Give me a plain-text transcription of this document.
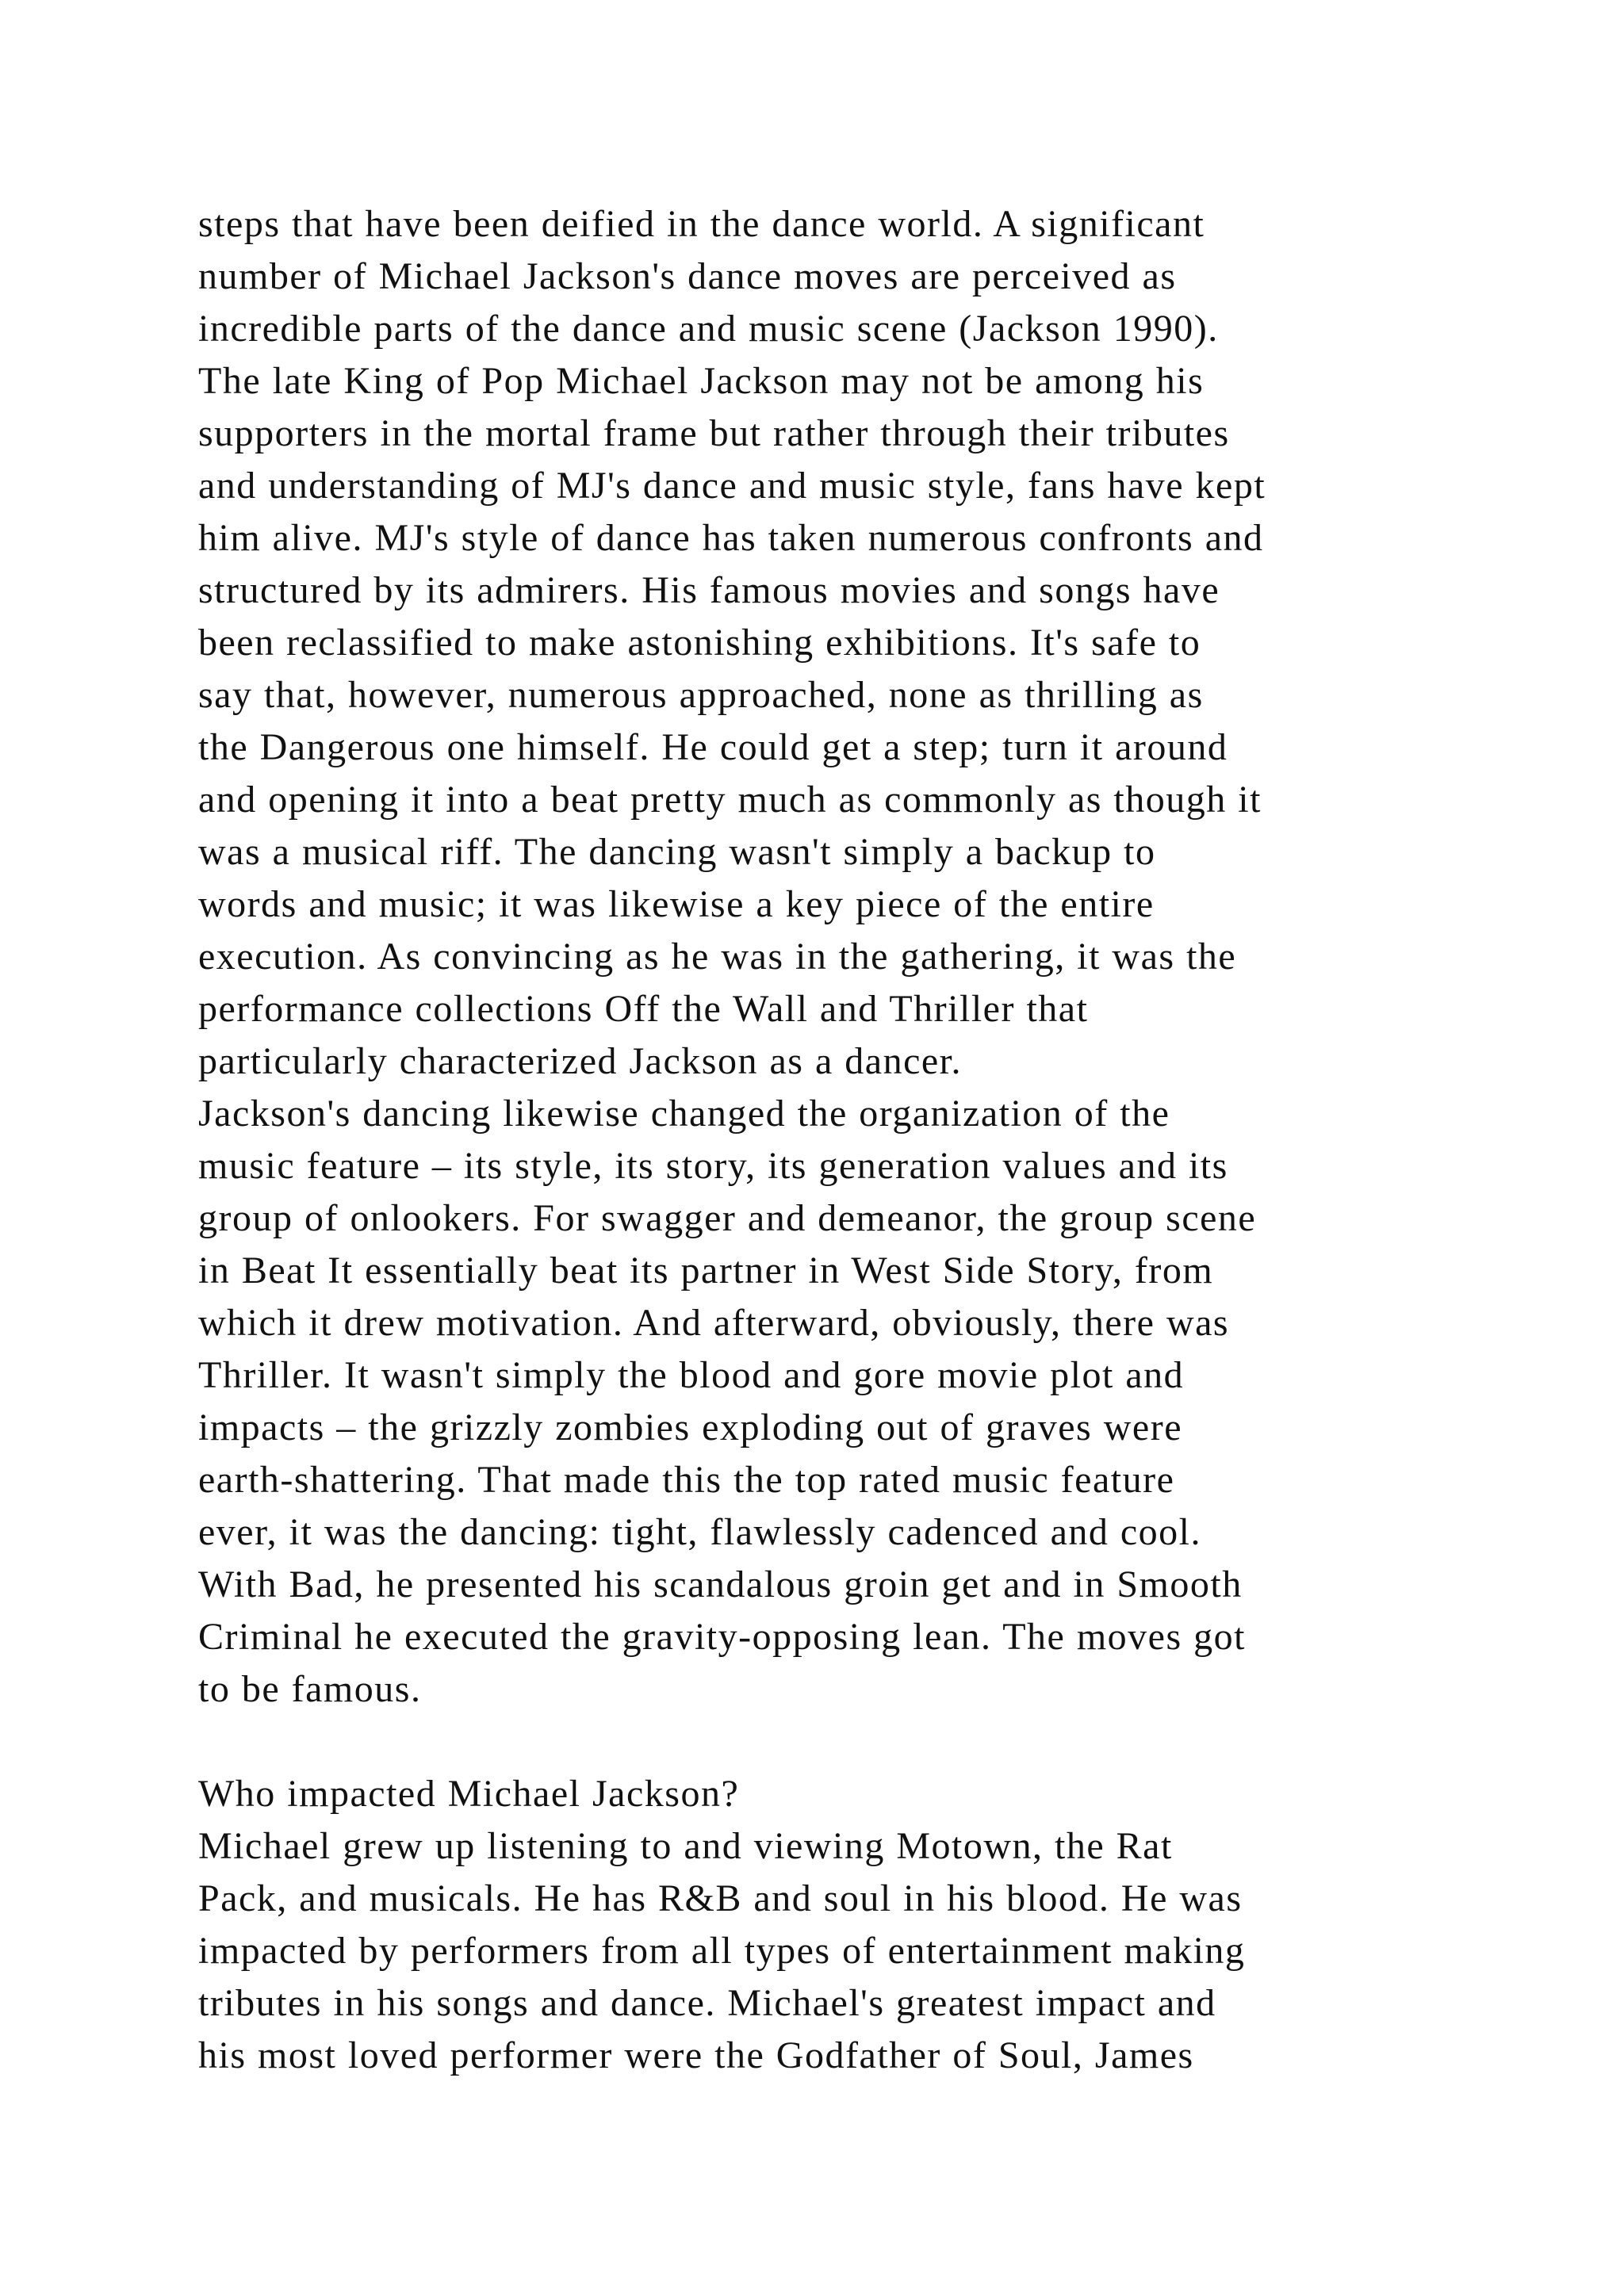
steps that have been deified in the dance world. A significant
number of Michael Jackson's dance moves are perceived as
incredible parts of the dance and music scene (Jackson 1990).
The late King of Pop Michael Jackson may not be among his
supporters in the mortal frame but rather through their tributes
and understanding of MJ's dance and music style, fans have kept
him alive. MJ's style of dance has taken numerous confronts and
structured by its admirers. His famous movies and songs have
been reclassified to make astonishing exhibitions. It's safe to
say that, however, numerous approached, none as thrilling as
the Dangerous one himself. He could get a step; turn it around
and opening it into a beat pretty much as commonly as though it
was a musical riff. The dancing wasn't simply a backup to
words and music; it was likewise a key piece of the entire
execution. As convincing as he was in the gathering, it was the
performance collections Off the Wall and Thriller that
particularly characterized Jackson as a dancer.
Jackson's dancing likewise changed the organization of the
music feature – its style, its story, its generation values and its
group of onlookers. For swagger and demeanor, the group scene
in Beat It essentially beat its partner in West Side Story, from
which it drew motivation. And afterward, obviously, there was
Thriller. It wasn't simply the blood and gore movie plot and
impacts – the grizzly zombies exploding out of graves were
earth-shattering. That made this the top rated music feature
ever, it was the dancing: tight, flawlessly cadenced and cool.
With Bad, he presented his scandalous groin get and in Smooth
Criminal he executed the gravity-opposing lean. The moves got
to be famous.
Who impacted Michael Jackson?
Michael grew up listening to and viewing Motown, the Rat
Pack, and musicals. He has R&B and soul in his blood. He was
impacted by performers from all types of entertainment making
tributes in his songs and dance. Michael's greatest impact and
his most loved performer were the Godfather of Soul, James
